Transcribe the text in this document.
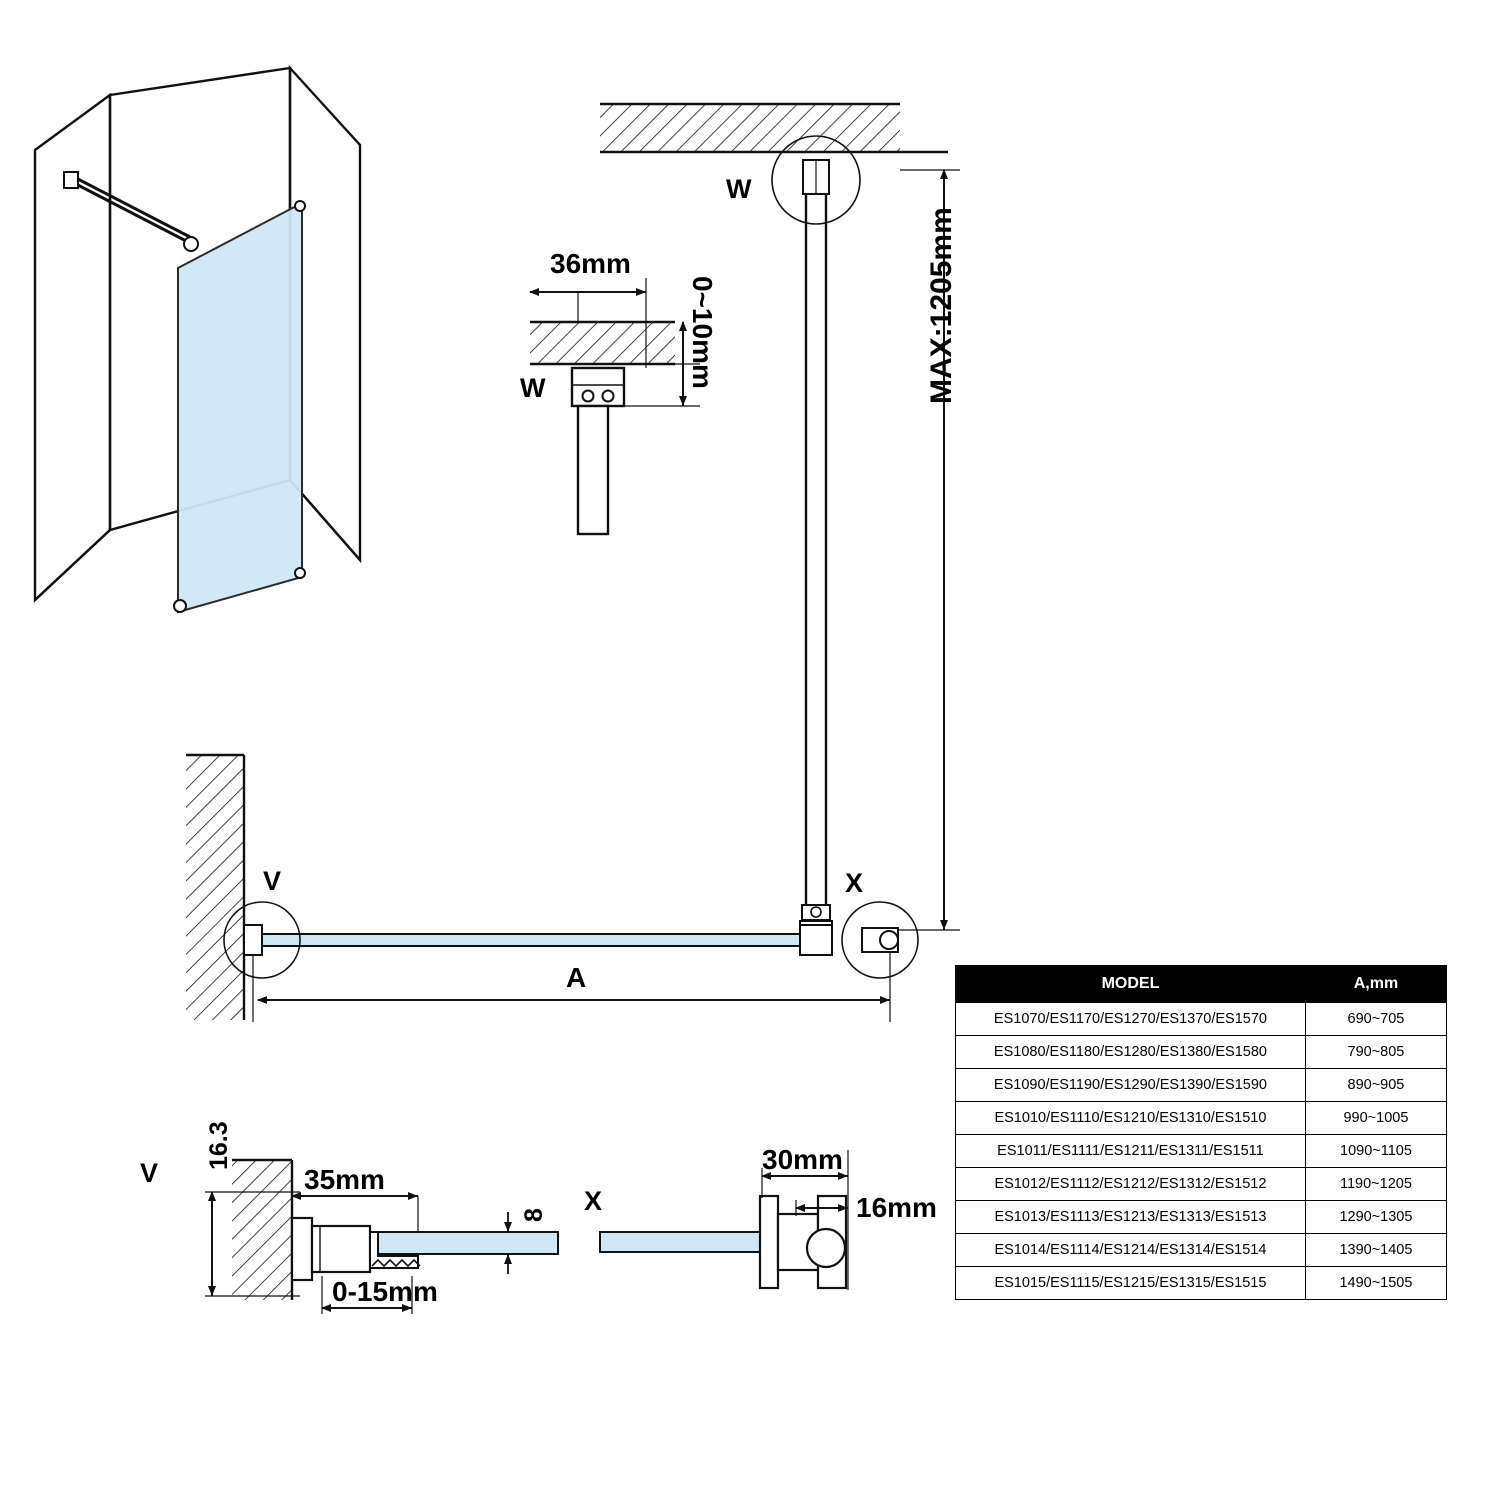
W
W
36mm
0~10mm	MAX:1205mm
V	X
A
V
16.3
35mm
8
0-15mm
X
30mm
16mm
MODEL	A,mm
ES1070/ES1170/ES1270/ES1370/ES1570	690~705
ES1080/ES1180/ES1280/ES1380/ES1580	790~805
ES1090/ES1190/ES1290/ES1390/ES1590	890~905
ES1010/ES1110/ES1210/ES1310/ES1510	990~1005
ES1011/ES1111/ES1211/ES1311/ES1511	1090~1105
ES1012/ES1112/ES1212/ES1312/ES1512	1190~1205
ES1013/ES1113/ES1213/ES1313/ES1513	1290~1305
ES1014/ES1114/ES1214/ES1314/ES1514	1390~1405
ES1015/ES1115/ES1215/ES1315/ES1515	1490~1505
